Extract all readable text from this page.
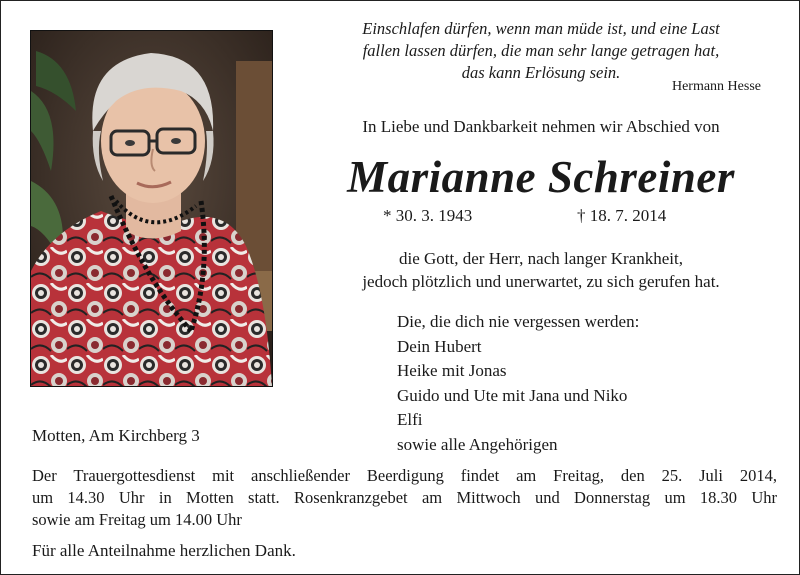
Einschlafen dürfen, wenn man müde ist, und eine Last
fallen lassen dürfen, die man sehr lange getragen hat,
das kann Erlösung sein.
Hermann Hesse
In Liebe und Dankbarkeit nehmen wir Abschied von
Marianne Schreiner
* 30. 3. 1943	† 18. 7. 2014
die Gott, der Herr, nach langer Krankheit,
jedoch plötzlich und unerwartet, zu sich gerufen hat.
Die, die dich nie vergessen werden:
Dein Hubert
Heike mit Jonas
Guido und Ute mit Jana und Niko
Elfi
sowie alle Angehörigen
Motten, Am Kirchberg 3
Der Trauergottesdienst mit anschließender Beerdigung findet am Freitag, den 25. Juli 2014,
um 14.30 Uhr in Motten statt. Rosenkranzgebet am Mittwoch und Donnerstag um 18.30 Uhr
sowie am Freitag um 14.00 Uhr
Für alle Anteilnahme herzlichen Dank.
